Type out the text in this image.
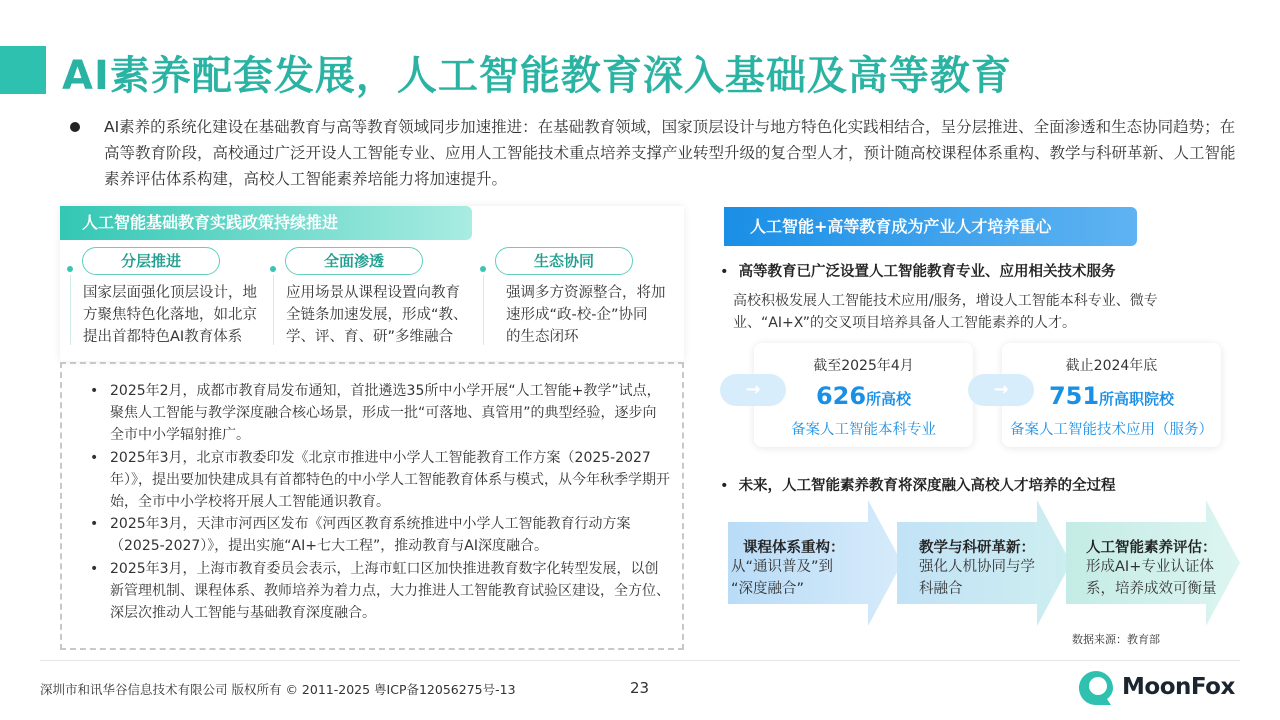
AI素养配套发展，人工智能教育深入基础及高等教育

AI素养的系统化建设在基础教育与高等教育领域同步加速推进：在基础教育领域，国家顶层设计与地方特色化实践相结合，呈分层推进、全面渗透和生态协同趋势；在高等教育阶段，高校通过广泛开设人工智能专业、应用人工智能技术重点培养支撑产业转型升级的复合型人才，预计随高校课程体系重构、教学与科研革新、人工智能素养评估体系构建，高校人工智能素养培能力将加速提升。

人工智能基础教育实践政策持续推进
分层推进
国家层面强化顶层设计，地
方聚焦特色化落地，如北京
提出首都特色AI教育体系
全面渗透
应用场景从课程设置向教育
全链条加速发展，形成“教、
学、评、育、研”多维融合
生态协同
强调多方资源整合，将加
速形成“政-校-企”协同
的生态闭环
• 2025年2月，成都市教育局发布通知，首批遴选35所中小学开展“人工智能+教学”试点，聚焦人工智能与教学深度融合核心场景，形成一批“可落地、真管用”的典型经验，逐步向全市中小学辐射推广。
• 2025年3月，北京市教委印发《北京市推进中小学人工智能教育工作方案（2025-2027年）》，提出要加快建成具有首都特色的中小学人工智能教育体系与模式，从今年秋季学期开始，全市中小学校将开展人工智能通识教育。
• 2025年3月，天津市河西区发布《河西区教育系统推进中小学人工智能教育行动方案（2025-2027）》，提出实施“AI+七大工程”，推动教育与AI深度融合。
• 2025年3月，上海市教育委员会表示，上海市虹口区加快推进教育数字化转型发展，以创新管理机制、课程体系、教师培养为着力点，大力推进人工智能教育试验区建设，全方位、深层次推动人工智能与基础教育深度融合。
人工智能+高等教育成为产业人才培养重心
• 高等教育已广泛设置人工智能教育专业、应用相关技术服务
高校积极发展人工智能技术应用/服务，增设人工智能本科专业、微专业、“AI+X”的交叉项目培养具备人工智能素养的人才。
→
截至2025年4月
626所高校
备案人工智能本科专业
→
截止2024年底
751所高职院校
备案人工智能技术应用（服务）
• 未来，人工智能素养教育将深度融入高校人才培养的全过程
课程体系重构：
从“通识普及”到
“深度融合”
教学与科研革新：
强化人机协同与学
科融合
人工智能素养评估：
形成AI+专业认证体
系，培养成效可衡量
数据来源：教育部
深圳市和讯华谷信息技术有限公司 版权所有 © 2011-2025 粤ICP备12056275号-13	23	MoonFox
